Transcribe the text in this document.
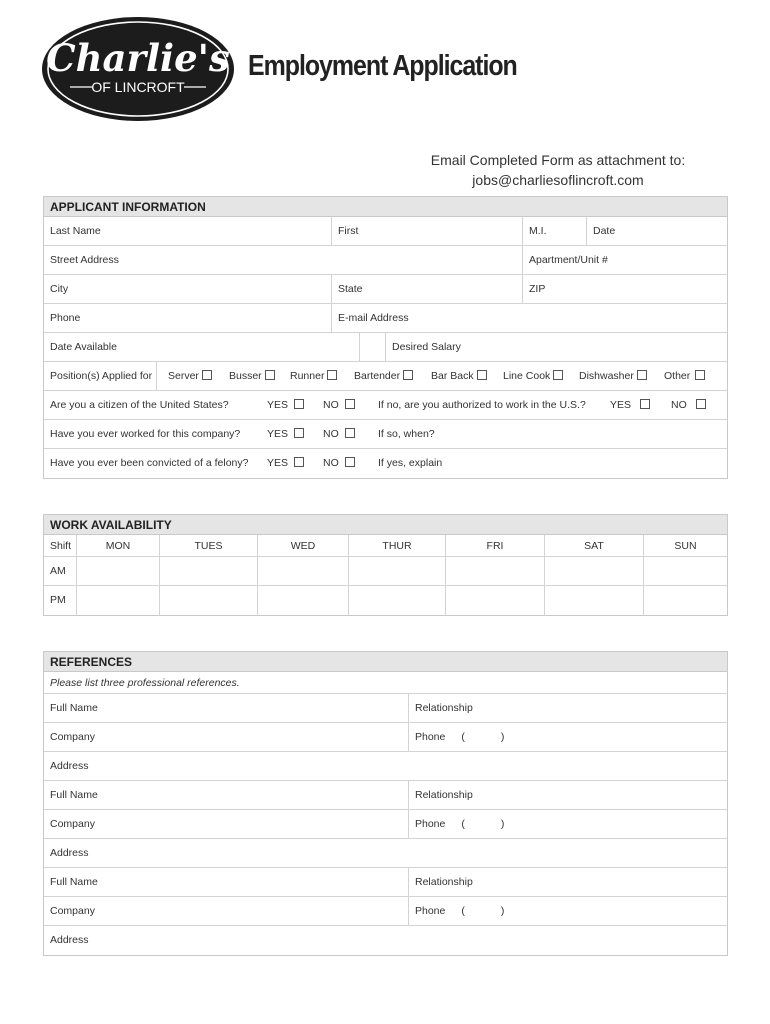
Charlie's
OF LINCROFT
Employment Application
Email Completed Form as attachment to:
jobs@charliesoflincroft.com
APPLICANT INFORMATION
Last Name	First	M.I.	Date
Street Address	Apartment/Unit #
City	State	ZIP
Phone	E-mail Address
Date Available	Desired Salary
Position(s) Applied for	Server	Busser	Runner	Bartender	Bar Back	Line Cook	Dishwasher	Other
Are you a citizen of the United States?	YES	NO	If no, are you authorized to work in the U.S.? YES	NO
Have you ever worked for this company?	YES	NO	If so, when?
Have you ever been convicted of a felony? YES	NO	If yes, explain
WORK AVAILABILITY
Shift	MON	TUES	WED	THUR	FRI	SAT	SUN
AM
PM
REFERENCES
Please list three professional references.
Full Name	Relationship
Company	Phone (	)
Address
Full Name	Relationship
Company	Phone (	)
Address
Full Name	Relationship
Company	Phone (	)
Address
